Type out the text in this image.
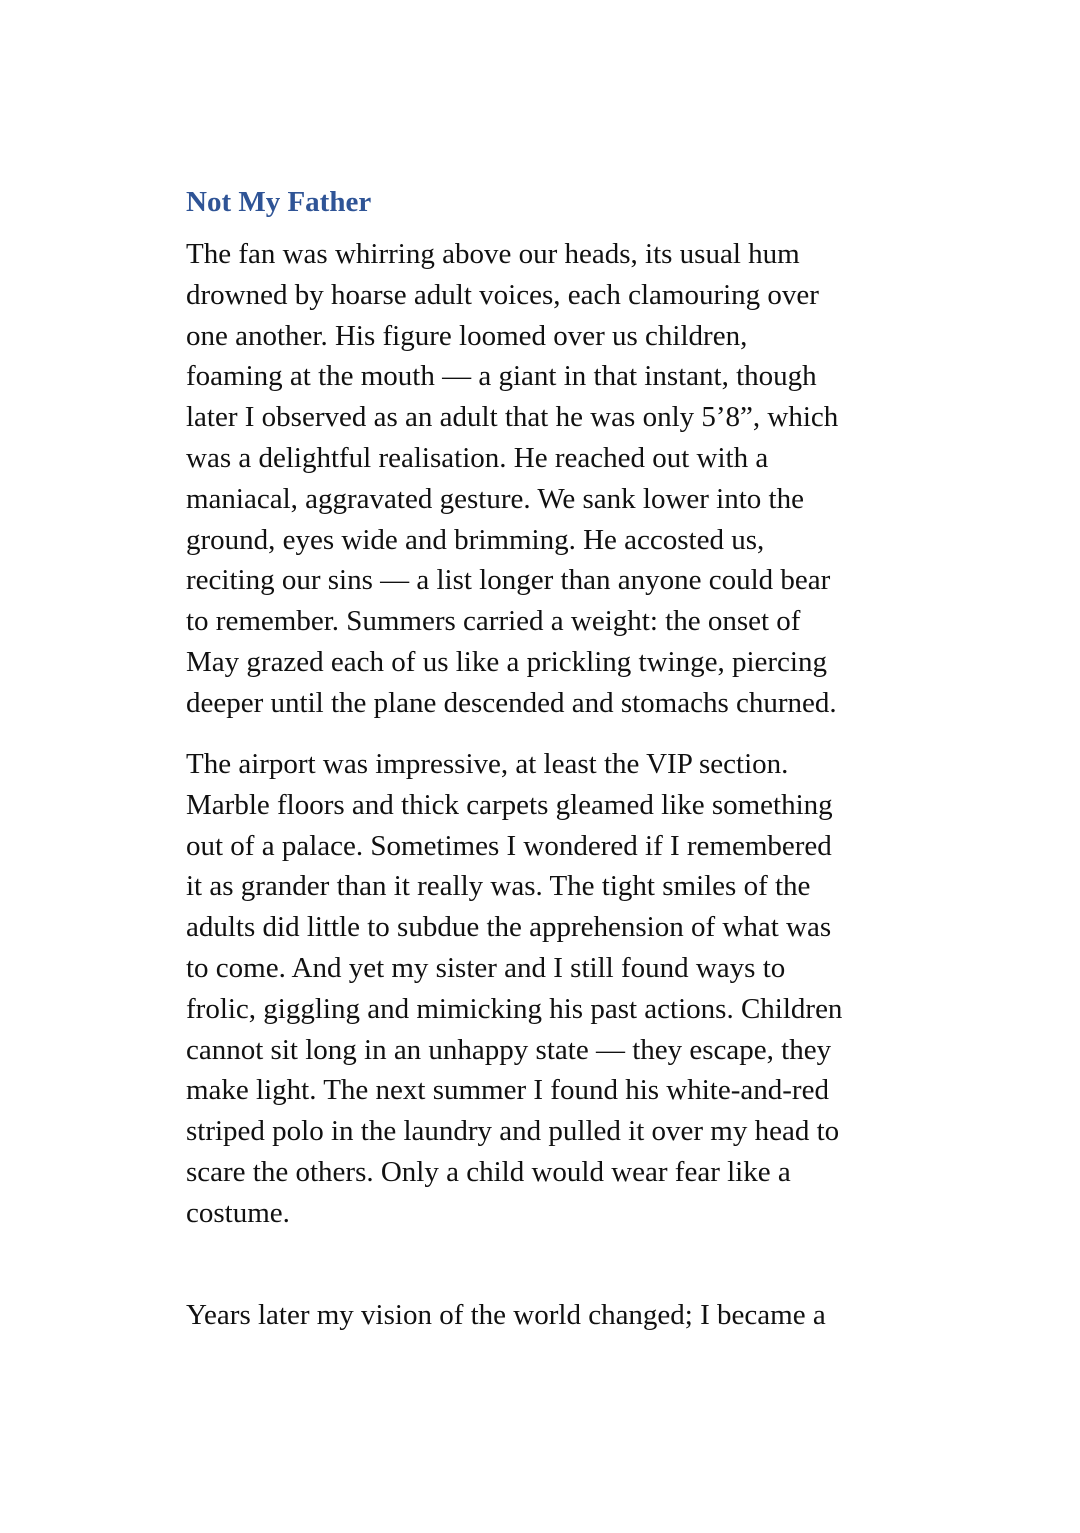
Not My Father

The fan was whirring above our heads, its usual hum
drowned by hoarse adult voices, each clamouring over
one another. His figure loomed over us children,
foaming at the mouth — a giant in that instant, though
later I observed as an adult that he was only 5’8”, which
was a delightful realisation. He reached out with a
maniacal, aggravated gesture. We sank lower into the
ground, eyes wide and brimming. He accosted us,
reciting our sins — a list longer than anyone could bear
to remember. Summers carried a weight: the onset of
May grazed each of us like a prickling twinge, piercing
deeper until the plane descended and stomachs churned.

The airport was impressive, at least the VIP section.
Marble floors and thick carpets gleamed like something
out of a palace. Sometimes I wondered if I remembered
it as grander than it really was. The tight smiles of the
adults did little to subdue the apprehension of what was
to come. And yet my sister and I still found ways to
frolic, giggling and mimicking his past actions. Children
cannot sit long in an unhappy state — they escape, they
make light. The next summer I found his white-and-red
striped polo in the laundry and pulled it over my head to
scare the others. Only a child would wear fear like a
costume.

Years later my vision of the world changed; I became a
